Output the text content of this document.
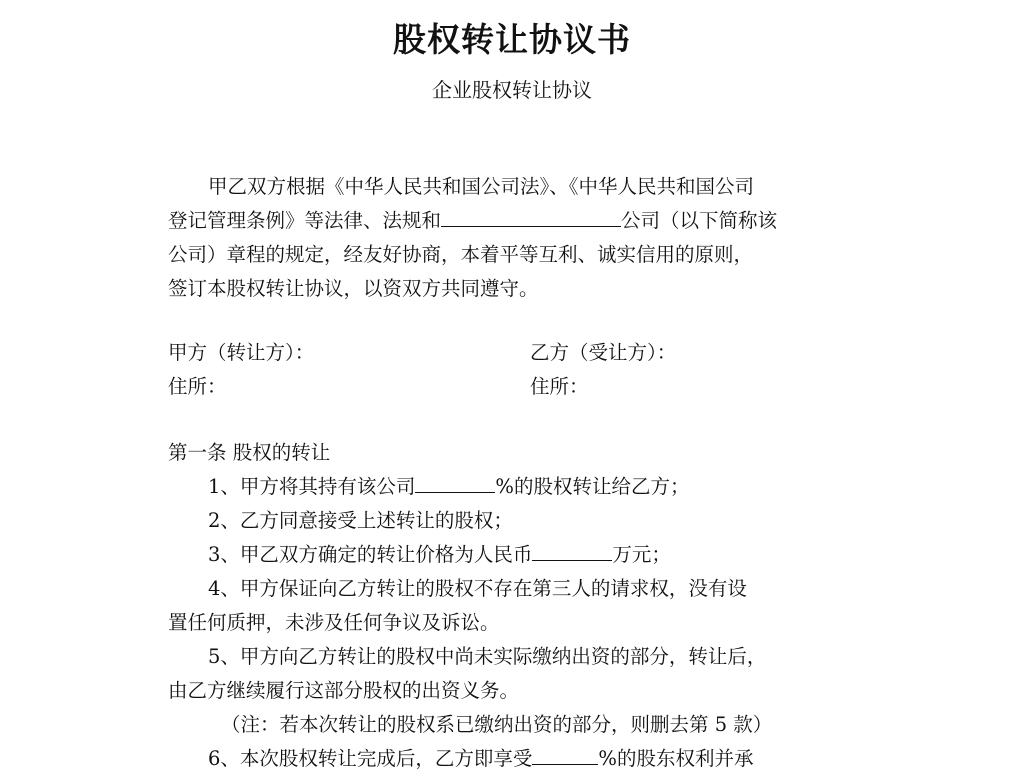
股权转让协议书
企业股权转让协议
甲乙双方根据《中华人民共和国公司法》、《中华人民共和国公司
登记管理条例》等法律、法规和	公司（以下简称该
公司）章程的规定，经友好协商，本着平等互利、诚实信用的原则，
签订本股权转让协议，以资双方共同遵守。
甲方（转让方）：	乙方（受让方）：
住所：	住所：
第一条 股权的转让
1、甲方将其持有该公司	%的股权转让给乙方；
2、乙方同意接受上述转让的股权；
3、甲乙双方确定的转让价格为人民币	万元；
4、甲方保证向乙方转让的股权不存在第三人的请求权，没有设
置任何质押，未涉及任何争议及诉讼。
5、甲方向乙方转让的股权中尚未实际缴纳出资的部分，转让后，
由乙方继续履行这部分股权的出资义务。
（注：若本次转让的股权系已缴纳出资的部分，则删去第 5 款）
6、本次股权转让完成后，乙方即享受	%的股东权利并承
